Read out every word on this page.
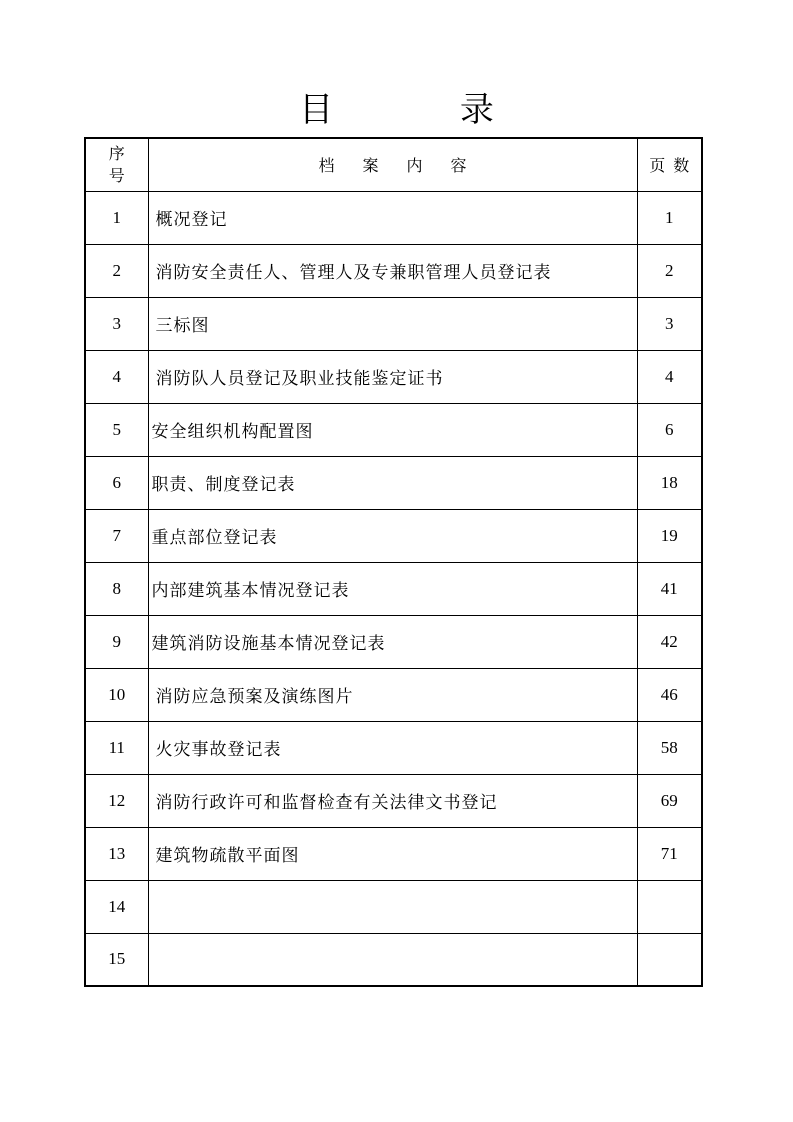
目 录
序
号	档案内容	页数
1	概况登记	1
2	消防安全责任人、管理人及专兼职管理人员登记表	2
3	三标图	3
4	消防队人员登记及职业技能鉴定证书	4
5	安全组织机构配置图	6
6	职责、制度登记表	18
7	重点部位登记表	19
8	内部建筑基本情况登记表	41
9	建筑消防设施基本情况登记表	42
10	消防应急预案及演练图片	46
11	火灾事故登记表	58
12	消防行政许可和监督检查有关法律文书登记	69
13	建筑物疏散平面图	71
14		
15		
